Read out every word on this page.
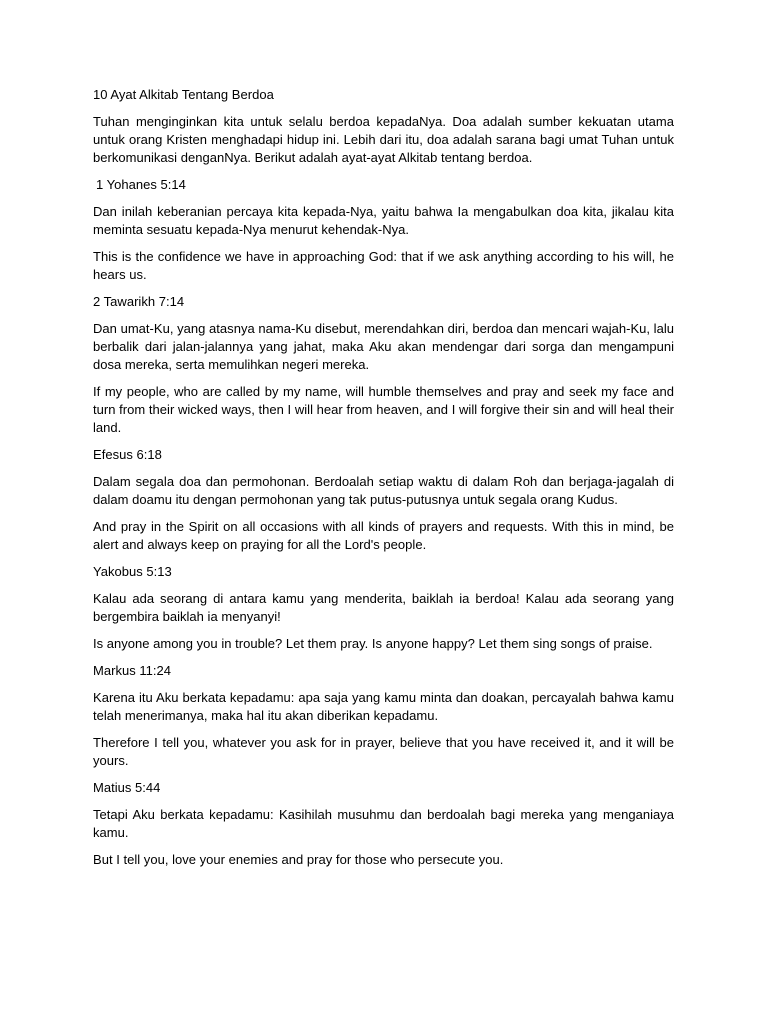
10 Ayat Alkitab Tentang Berdoa

Tuhan menginginkan kita untuk selalu berdoa kepadaNya. Doa adalah sumber kekuatan utama untuk orang Kristen menghadapi hidup ini. Lebih dari itu, doa adalah sarana bagi umat Tuhan untuk berkomunikasi denganNya. Berikut adalah ayat-ayat Alkitab tentang berdoa.

1 Yohanes 5:14

Dan inilah keberanian percaya kita kepada-Nya, yaitu bahwa Ia mengabulkan doa kita, jikalau kita meminta sesuatu kepada-Nya menurut kehendak-Nya.

This is the confidence we have in approaching God: that if we ask anything according to his will, he hears us.

2 Tawarikh 7:14

Dan umat-Ku, yang atasnya nama-Ku disebut, merendahkan diri, berdoa dan mencari wajah-Ku, lalu berbalik dari jalan-jalannya yang jahat, maka Aku akan mendengar dari sorga dan mengampuni dosa mereka, serta memulihkan negeri mereka.

If my people, who are called by my name, will humble themselves and pray and seek my face and turn from their wicked ways, then I will hear from heaven, and I will forgive their sin and will heal their land.

Efesus 6:18

Dalam segala doa dan permohonan. Berdoalah setiap waktu di dalam Roh dan berjaga-jagalah di dalam doamu itu dengan permohonan yang tak putus-putusnya untuk segala orang Kudus.

And pray in the Spirit on all occasions with all kinds of prayers and requests. With this in mind, be alert and always keep on praying for all the Lord's people.

Yakobus 5:13

Kalau ada seorang di antara kamu yang menderita, baiklah ia berdoa! Kalau ada seorang yang bergembira baiklah ia menyanyi!

Is anyone among you in trouble? Let them pray. Is anyone happy? Let them sing songs of praise.

Markus 11:24

Karena itu Aku berkata kepadamu: apa saja yang kamu minta dan doakan, percayalah bahwa kamu telah menerimanya, maka hal itu akan diberikan kepadamu.

Therefore I tell you, whatever you ask for in prayer, believe that you have received it, and it will be yours.

Matius 5:44

Tetapi Aku berkata kepadamu: Kasihilah musuhmu dan berdoalah bagi mereka yang menganiaya kamu.

But I tell you, love your enemies and pray for those who persecute you.
